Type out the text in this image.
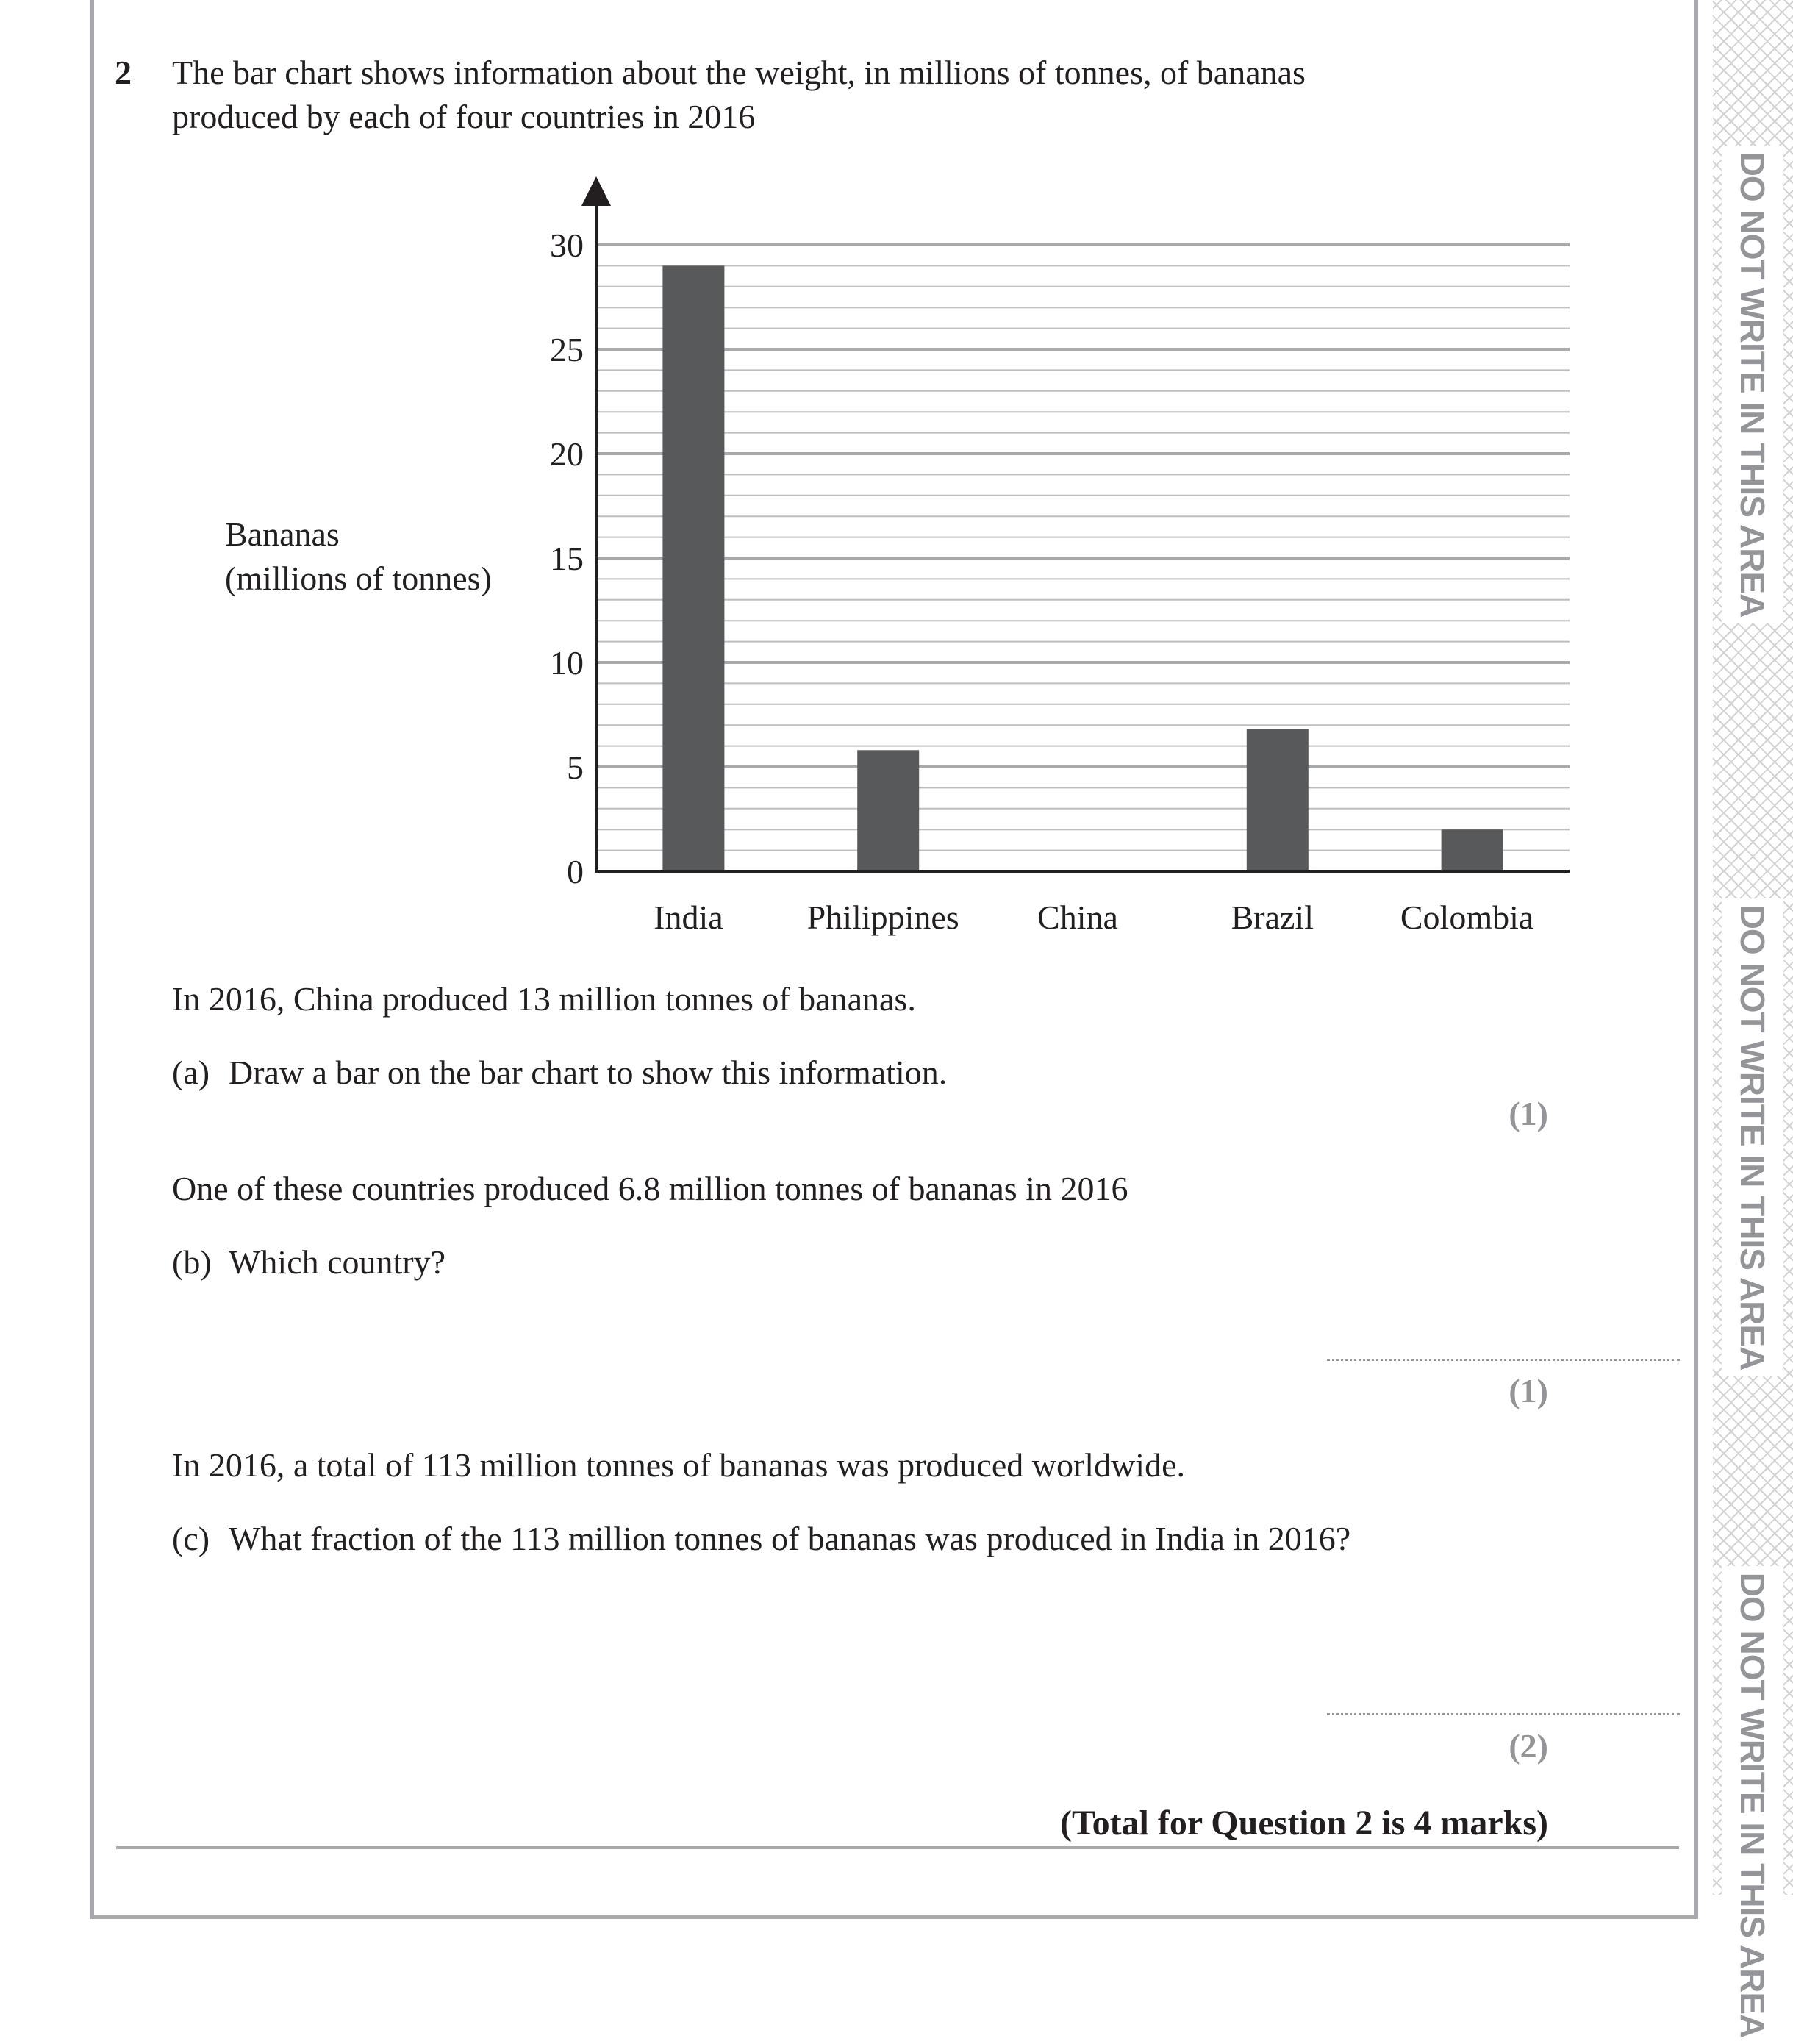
2 The bar chart shows information about the weight, in millions of tonnes, of bananas
produced by each of four countries in 2016
0
5
10
15
20
25
30
India Philippines China	Brazil	Colombia
Bananas
(millions of tonnes)
In 2016, China produced 13 million tonnes of bananas.
(a) Draw a bar on the bar chart to show this information.
(1)
One of these countries produced 6.8 million tonnes of bananas in 2016
(b) Which country?
(1)
In 2016, a total of 113 million tonnes of bananas was produced worldwide.
(c) What fraction of the 113 million tonnes of bananas was produced in India in 2016?
(2)
(Total for Question 2 is 4 marks)
DO NOT WRITE IN THIS AREA
DO NOT WRITE IN THIS AREA
DO NOT WRITE IN THIS AREA
